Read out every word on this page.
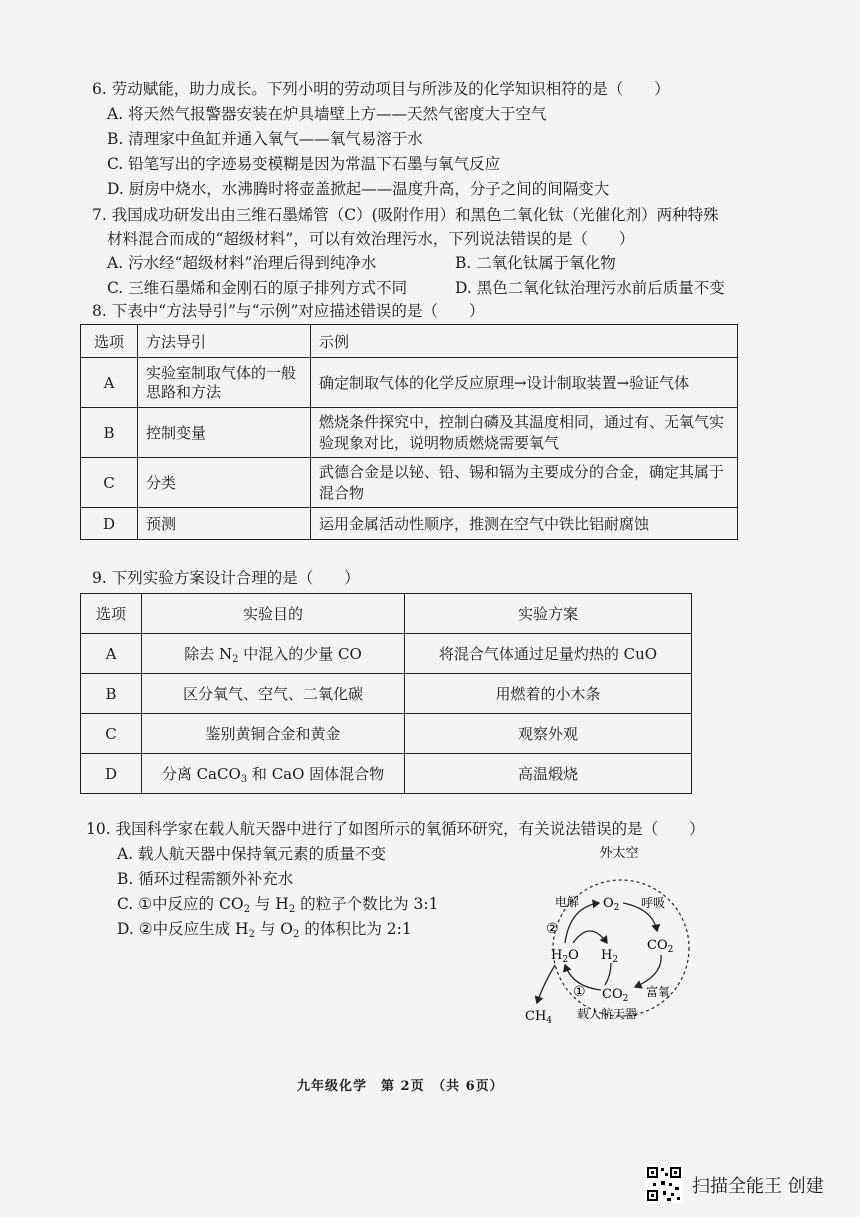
6. 劳动赋能，助力成长。下列小明的劳动项目与所涉及的化学知识相符的是（　　）
A. 将天然气报警器安装在炉具墙壁上方——天然气密度大于空气
B. 清理家中鱼缸并通入氧气——氧气易溶于水
C. 铅笔写出的字迹易变模糊是因为常温下石墨与氧气反应
D. 厨房中烧水，水沸腾时将壶盖掀起——温度升高，分子之间的间隔变大
7. 我国成功研发出由三维石墨烯管（C）(吸附作用）和黑色二氧化钛（光催化剂）两种特殊
材料混合而成的“超级材料”，可以有效治理污水，下列说法错误的是（　　）
A. 污水经“超级材料”治理后得到纯净水	B. 二氧化钛属于氧化物
C. 三维石墨烯和金刚石的原子排列方式不同	D. 黑色二氧化钛治理污水前后质量不变
8. 下表中“方法导引”与“示例”对应描述错误的是（　　）
选项	方法导引	示例
A	实验室制取气体的一般思路和方法	确定制取气体的化学反应原理→设计制取装置→验证气体
B	控制变量	燃烧条件探究中，控制白磷及其温度相同，通过有、无氧气实验现象对比，说明物质燃烧需要氧气
C	分类	武德合金是以铋、铅、锡和镉为主要成分的合金，确定其属于混合物
D	预测	运用金属活动性顺序，推测在空气中铁比铝耐腐蚀
9. 下列实验方案设计合理的是（　　）
选项	实验目的	实验方案
A	除去 $N_2$ 中混入的少量 CO	将混合气体通过足量灼热的 CuO
B	区分氧气、空气、二氧化碳	用燃着的小木条
C	鉴别黄铜合金和黄金	观察外观
D	分离 CaCO$_3$ 和 CaO 固体混合物	高温煅烧
10. 我国科学家在载人航天器中进行了如图所示的氧循环研究，有关说法错误的是（　　）
A. 载人航天器中保持氧元素的质量不变
B. 循环过程需额外补充水
C. ①中反应的 $CO_2$ 与 $H_2$ 的粒子个数比为 3:1
D. ②中反应生成 $H_2$ 与 $O_2$ 的体积比为 2:1
外太空
电解 $O_2$ 呼吸
②
$CO_2$
$H_2O$ $H_2$
① $CO_2$ 富氧
$CH_4$ 载人航天器
九年级化学　第 2页　（共 6页）
扫描全能王 创建
